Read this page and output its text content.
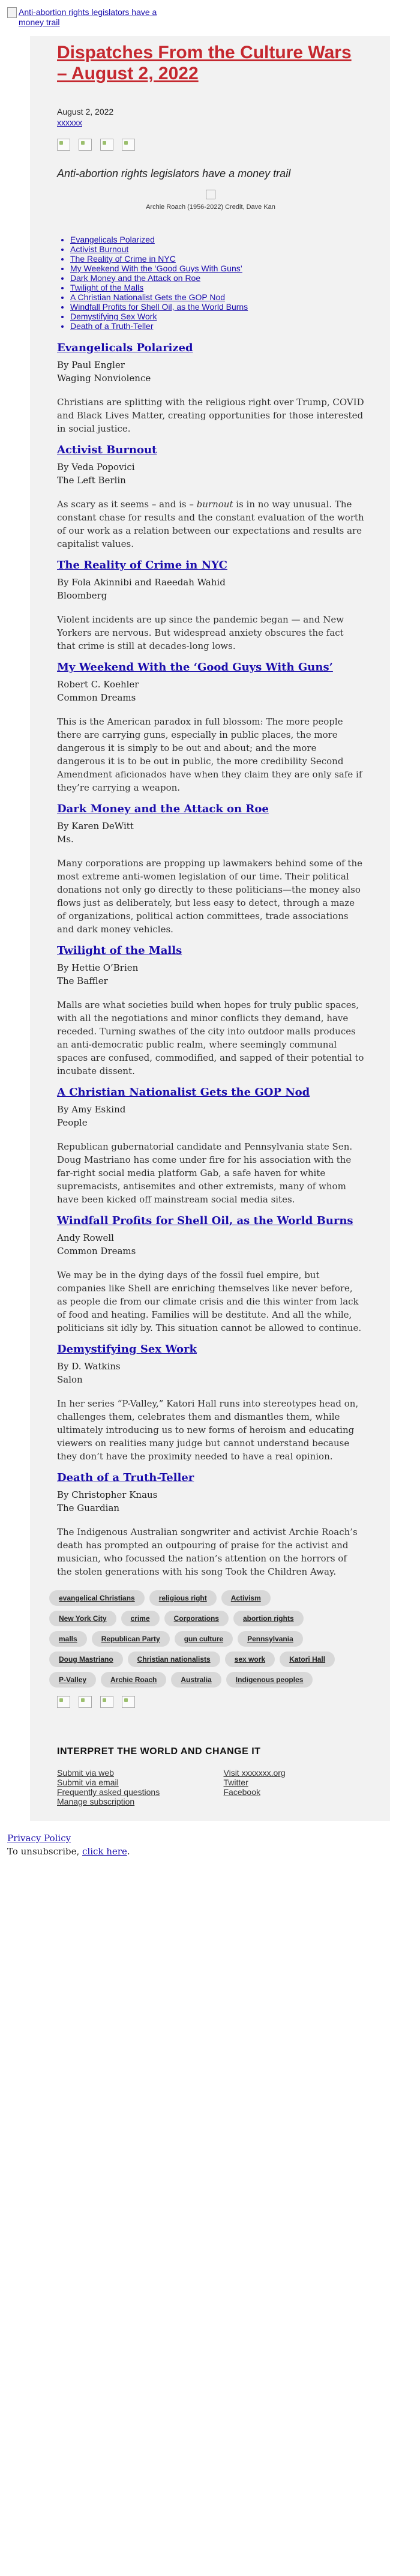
Anti-abortion rights legislators have a money trail
Dispatches From the Culture Wars – August 2, 2022
August 2, 2022
xxxxxx
Anti-abortion rights legislators have a money trail
Archie Roach (1956-2022) Credit, Dave Kan
• Evangelicals Polarized
• Activist Burnout
• The Reality of Crime in NYC
• My Weekend With the ‘Good Guys With Guns’
• Dark Money and the Attack on Roe
• Twilight of the Malls
• A Christian Nationalist Gets the GOP Nod
• Windfall Profits for Shell Oil, as the World Burns
• Demystifying Sex Work
• Death of a Truth-Teller
Evangelicals Polarized
By Paul Engler
Waging Nonviolence
Christians are splitting with the religious right over Trump, COVID and Black Lives Matter, creating opportunities for those interested in social justice.
Activist Burnout
By Veda Popovici
The Left Berlin
As scary as it seems – and is – burnout is in no way unusual. The constant chase for results and the constant evaluation of the worth of our work as a relation between our expectations and results are capitalist values.
The Reality of Crime in NYC
By Fola Akinnibi and Raeedah Wahid
Bloomberg
Violent incidents are up since the pandemic began — and New Yorkers are nervous. But widespread anxiety obscures the fact that crime is still at decades-long lows.
My Weekend With the ‘Good Guys With Guns’
Robert C. Koehler
Common Dreams
This is the American paradox in full blossom: The more people there are carrying guns, especially in public places, the more dangerous it is simply to be out and about; and the more dangerous it is to be out in public, the more credibility Second Amendment aficionados have when they claim they are only safe if they’re carrying a weapon.
Dark Money and the Attack on Roe
By Karen DeWitt
Ms.
Many corporations are propping up lawmakers behind some of the most extreme anti-women legislation of our time. Their political donations not only go directly to these politicians—the money also flows just as deliberately, but less easy to detect, through a maze of organizations, political action committees, trade associations and dark money vehicles.
Twilight of the Malls
By Hettie O’Brien
The Baffler
Malls are what societies build when hopes for truly public spaces, with all the negotiations and minor conflicts they demand, have receded. Turning swathes of the city into outdoor malls produces an anti-democratic public realm, where seemingly communal spaces are confused, commodified, and sapped of their potential to incubate dissent.
A Christian Nationalist Gets the GOP Nod
By Amy Eskind
People
Republican gubernatorial candidate and Pennsylvania state Sen. Doug Mastriano has come under fire for his association with the far-right social media platform Gab, a safe haven for white supremacists, antisemites and other extremists, many of whom have been kicked off mainstream social media sites.
Windfall Profits for Shell Oil, as the World Burns
Andy Rowell
Common Dreams
We may be in the dying days of the fossil fuel empire, but companies like Shell are enriching themselves like never before, as people die from our climate crisis and die this winter from lack of food and heating. Families will be destitute. And all the while, politicians sit idly by. This situation cannot be allowed to continue.
Demystifying Sex Work
By D. Watkins
Salon
In her series “P-Valley,” Katori Hall runs into stereotypes head on, challenges them, celebrates them and dismantles them, while ultimately introducing us to new forms of heroism and educating viewers on realities many judge but cannot understand because they don’t have the proximity needed to have a real opinion.
Death of a Truth-Teller
By Christopher Knaus
The Guardian
The Indigenous Australian songwriter and activist Archie Roach’s death has prompted an outpouring of praise for the activist and musician, who focussed the nation’s attention on the horrors of the stolen generations with his song Took the Children Away.
evangelical Christians	religious right	Activism
New York City	crime	Corporations	abortion rights
malls	Republican Party	gun culture	Pennsylvania
Doug Mastriano	Christian nationalists	sex work	Katori Hall
P-Valley	Archie Roach	Australia	Indigenous peoples
INTERPRET THE WORLD AND CHANGE IT
Submit via web
Submit via email
Frequently asked questions
Manage subscription
Visit xxxxxxx.org
Twitter
Facebook
Privacy Policy
To unsubscribe, click here.
